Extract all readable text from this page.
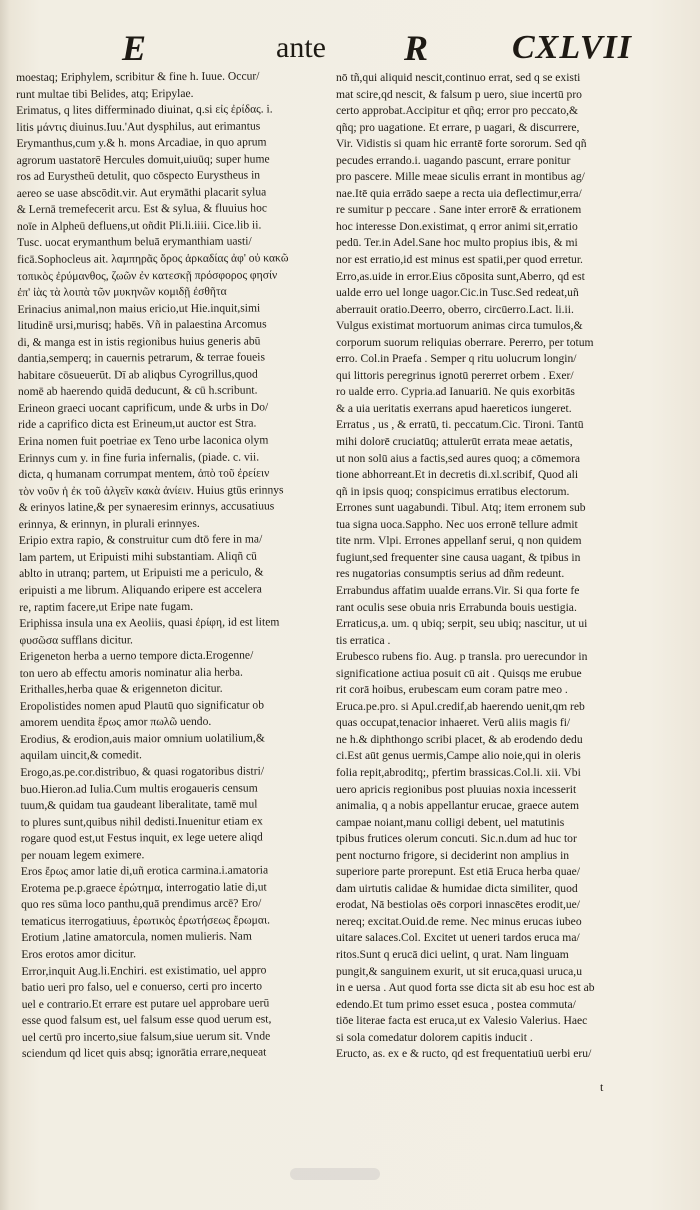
E	ante R CXLVII
moestaq; Eriphylem, scribitur & fine h. Iuue. Occur/
runt multae tibi Belides, atq; Eripylae.
Erimatus, q lites differminado diuinat, q.si εἰς ἐρίδας. i.
litis μάντις diuinus.Iuu.'Aut dysphilus, aut erimantus
Erymanthus,cum y.& h. mons Arcadiae, in quo aprum
agrorum uastatorē Hercules domuit,uiuūq; super hume
ros ad Eurystheū detulit, quo cōspecto Eurystheus in
aereo se uase abscōdit.vir. Aut erymāthi placarit sylua
& Lernā tremefecerit arcu. Est & sylua, & fluuius hoc
noīe in Alpheū defluens,ut oñdit Pli.li.iiii. Cice.lib ii.
Tusc. uocat erymanthum beluā erymanthiam uasti/
ficā.Sophocleus ait. λαμπηρᾶς ὄρος ἀρκαδίας ἀφ' οὐ κακῶ
τοπικὸς ἐρύμανθος, ζωῶν ἐν κατεσκῇ πρόσφορος φησίν
ἐπ' ἰὰς τὰ λοιπὰ τῶν μυκηνῶν κομιδῇ ἐσθῆτα
Erinacius animal,non maius ericio,ut Hie.inquit,simi
litudinē ursi,murisq; habēs. Vñ in palaestina Arcomus
di, & manga est in istis regionibus huius generis abū
dantia,semperq; in cauernis petrarum, & terrae foueis
habitare cōsueuerūt. Dī ab aliqbus Cyrogrillus,quod
nomē ab haerendo quidā deducunt, & cū h.scribunt.
Erineon graeci uocant caprificum, unde & urbs in Do/
ride a caprifico dicta est Erineum,ut auctor est Stra.
Erina nomen fuit poetriae ex Teno urbe laconica olym
Erinnys cum y. in fine furia infernalis, (piade. c. vii.
dicta, q humanam corrumpat mentem, ἀπὸ τοῦ ἐρείειν
τὸν νοῦν ἡ ἐκ τοῦ ἀλγεῖν κακὰ ἀνίειν. Huius gtūs erinnys
& erinyos latine,& per synaeresim erinnys, accusatiuus
erinnya, & erinnyn, in plurali erinnyes.
Eripio extra rapio, & construitur cum dtō fere in ma/
lam partem, ut Eripuisti mihi substantiam. Aliqñ cū
ablto in utranq; partem, ut Eripuisti me a periculo, &
eripuisti a me librum. Aliquando eripere est accelera
re, raptim facere,ut Eripe nate fugam.
Eriphissa insula una ex Aeoliis, quasi ἐρίφη, id est litem
φυσῶσα sufflans dicitur.
Erigeneton herba a uerno tempore dicta.Erogenne/
ton uero ab effectu amoris nominatur alia herba.
Erithalles,herba quae & erigenneton dicitur.
Eropolistides nomen apud Plautū quo significatur ob
amorem uendita ἔρως amor πωλῶ uendo.
Erodius, & erodion,auis maior omnium uolatilium,&
aquilam uincit,& comedit.
Erogo,as.pe.cor.distribuo, & quasi rogatoribus distri/
buo.Hieron.ad Iulia.Cum multis erogaueris censum
tuum,& quidam tua gaudeant liberalitate, tamē mul
to plures sunt,quibus nihil dedisti.Inuenitur etiam ex
rogare quod est,ut Festus inquit, ex lege uetere aliqd
per nouam legem eximere.
Eros ἔρως amor latie di,uñ erotica carmina.i.amatoria
Erotema pe.p.graece ἐρώτημα, interrogatio latie di,ut
quo res sūma loco panthu,quā prendimus arcē? Ero/
tematicus iterrogatiuus, ἐρωτικὸς ἐρωτήσεως ἔρωμαι.
Erotium ,latine amatorcula, nomen mulieris. Nam
Eros erotos amor dicitur.
Error,inquit Aug.li.Enchiri. est existimatio, uel appro
batio ueri pro falso, uel e conuerso, certi pro incerto
uel e contrario.Et errare est putare uel approbare uerū
esse quod falsum est, uel falsum esse quod uerum est,
uel certū pro incerto,siue falsum,siue uerum sit. Vnde
sciendum qd licet quis absq; ignorātia errare,nequeat
nō tñ,qui aliquid nescit,continuo errat, sed q se existi
mat scire,qd nescit, & falsum p uero, siue incertū pro
certo approbat.Accipitur et qñq; error pro peccato,&
qñq; pro uagatione. Et errare, p uagari, & discurrere,
Vir. Vidistis si quam hic errantē forte sororum. Sed qñ
pecudes errando.i. uagando pascunt, errare ponitur
pro pascere. Mille meae siculis errant in montibus ag/
nae.Itē quia errādo saepe a recta uia deflectimur,erra/
re sumitur p peccare . Sane inter errorē & errationem
hoc interesse Don.existimat, q error animi sit,erratio
pedū. Ter.in Adel.Sane hoc multo propius ibis, & mi
nor est erratio,id est minus est spatii,per quod erretur.
Erro,as.uide in error.Eius cōposita sunt,Aberro, qd est
ualde erro uel longe uagor.Cic.in Tusc.Sed redeat,uñ
aberrauit oratio.Deerro, oberro, circūerro.Lact. li.ii.
Vulgus existimat mortuorum animas circa tumulos,&
corporum suorum reliquias oberrare. Pererro, per totum
erro. Col.in Praefa . Semper q ritu uolucrum longin/
qui littoris peregrinus ignotū pererret orbem . Exer/
ro ualde erro. Cypria.ad Ianuariū. Ne quis exorbitās
& a uia ueritatis exerrans apud haereticos iungeret.
Erratus , us , & erratū, ti. peccatum.Cic. Tironi. Tantū
mihi dolorē cruciatūq; attulerūt errata meae aetatis,
ut non solū aius a factis,sed aures quoq; a cōmemora
tione abhorreant.Et in decretis di.xl.scribif, Quod ali
qñ in ipsis quoq; conspicimus erratibus electorum.
Errones sunt uagabundi. Tibul. Atq; item erronem sub
tua signa uoca.Sappho. Nec uos erronē tellure admit
tite nrm. Vlpi. Errones appellanf serui, q non quidem
fugiunt,sed frequenter sine causa uagant, & tpibus in
res nugatorias consumptis serius ad dñm redeunt.
Errabundus affatim uualde errans.Vir. Si qua forte fe
rant oculis sese obuia nris Errabunda bouis uestigia.
Erraticus,a. um. q ubiq; serpit, seu ubiq; nascitur, ut ui
tis erratica .
Erubesco rubens fio. Aug. p transla. pro uerecundor in
significatione actiua posuit cū ait . Quisqs me erubue
rit corā hoibus, erubescam eum coram patre meo .
Eruca.pe.pro. si Apul.credif,ab haerendo uenit,qm reb
quas occupat,tenacior inhaeret. Verū aliis magis fi/
ne h.& diphthongo scribi placet, & ab erodendo dedu
ci.Est aūt genus uermis,Campe alio noie,qui in oleris
folia repit,abroditq;, pfertim brassicas.Col.li. xii. Vbi
uero apricis regionibus post pluuias noxia incesserit
animalia, q a nobis appellantur erucae, graece autem
campae noiant,manu colligi debent, uel matutinis
tpibus frutices olerum concuti. Sic.n.dum ad huc tor
pent nocturno frigore, si deciderint non amplius in
superiore parte prorepunt. Est etiā Eruca herba quae/
dam uirtutis calidae & humidae dicta similiter, quod
erodat, Nā bestiolas oēs corpori innascētes erodit,ue/
nereq; excitat.Ouid.de reme. Nec minus erucas iubeo
uitare salaces.Col. Excitet ut ueneri tardos eruca ma/
ritos.Sunt q erucā dici uelint, q urat. Nam linguam
pungit,& sanguinem exurit, ut sit eruca,quasi uruca,u
in e uersa . Aut quod forta sse dicta sit ab esu hoc est ab
edendo.Et tum primo esset esuca , postea commuta/
tiōe literae facta est eruca,ut ex Valesio Valerius. Haec
si sola comedatur dolorem capitis inducit .
Eructo, as. ex e & ructo, qd est frequentatiuū uerbi eru/
t
